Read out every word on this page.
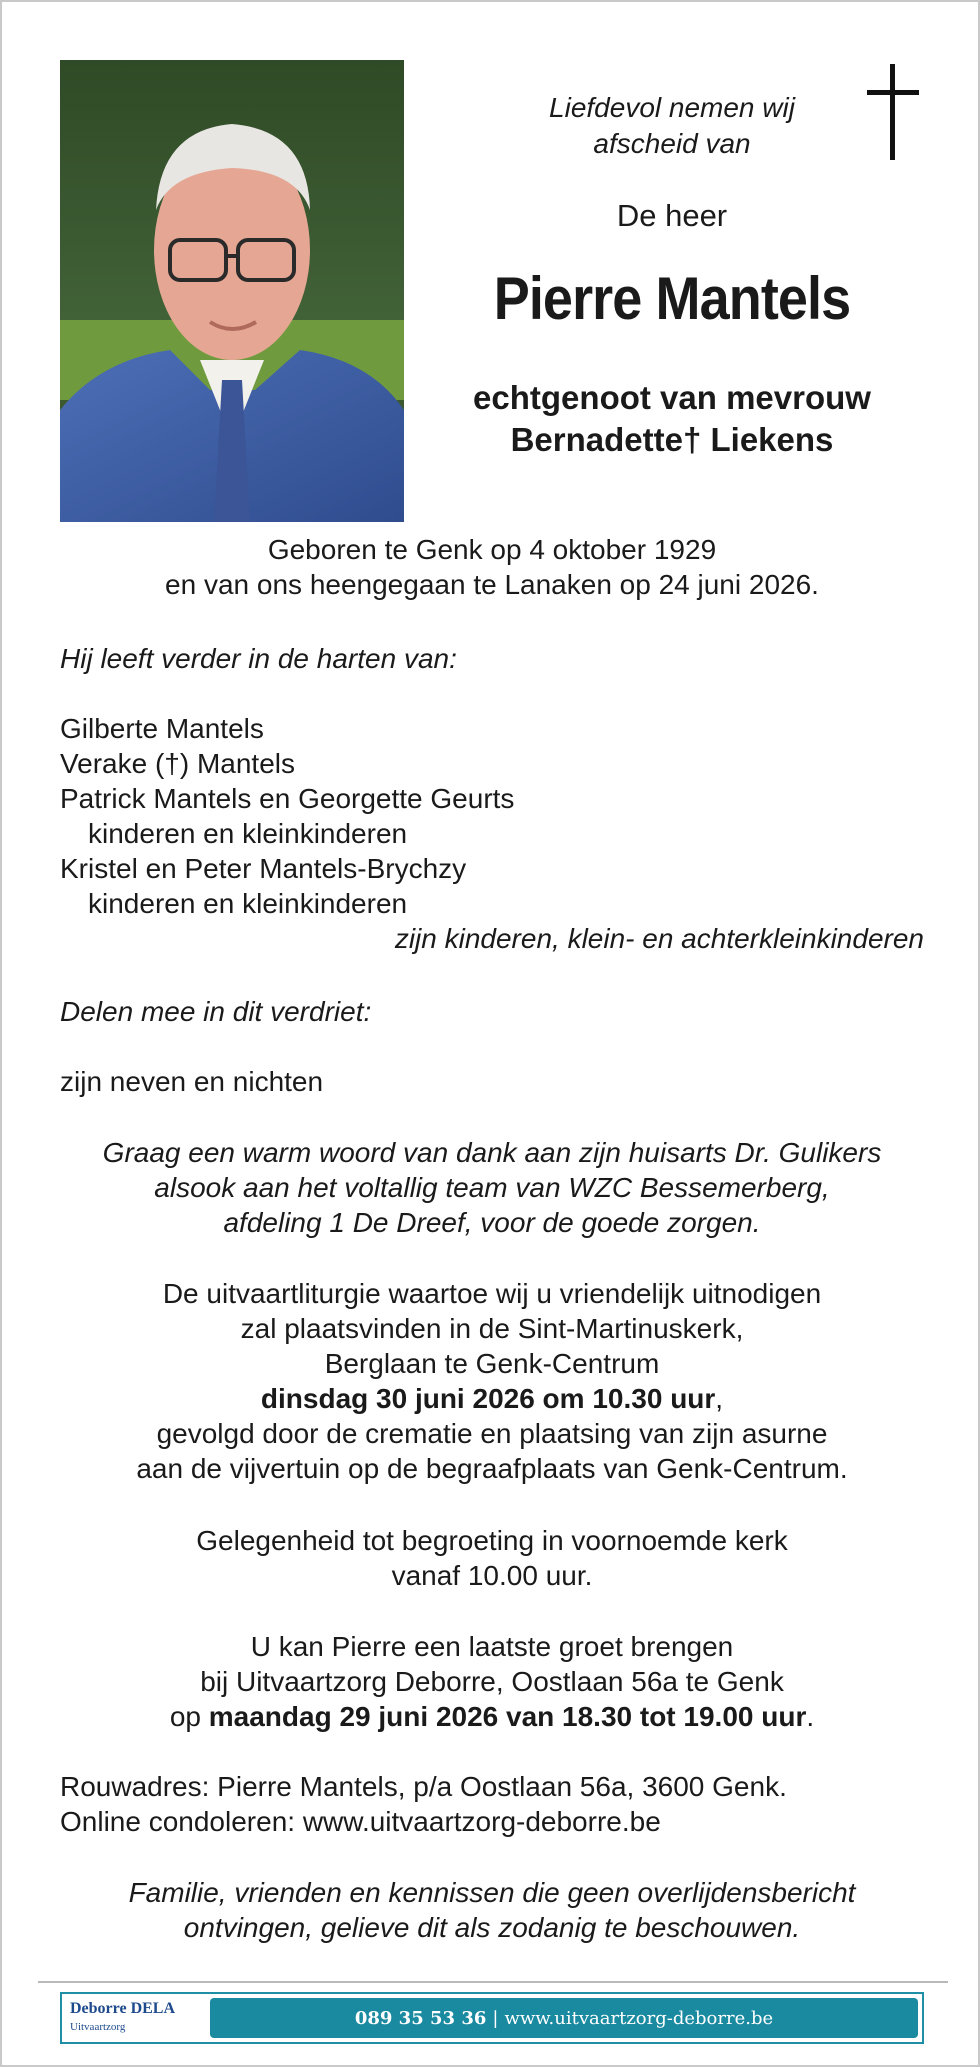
Liefdevol nemen wij
afscheid van
De heer
Pierre Mantels
echtgenoot van mevrouw
Bernadette† Liekens
Geboren te Genk op 4 oktober 1929
en van ons heengegaan te Lanaken op 24 juni 2026.
Hij leeft verder in de harten van:
Gilberte Mantels
Verake (†) Mantels
Patrick Mantels en Georgette Geurts
kinderen en kleinkinderen
Kristel en Peter Mantels-Brychzy
kinderen en kleinkinderen
zijn kinderen, klein- en achterkleinkinderen
Delen mee in dit verdriet:
zijn neven en nichten
Graag een warm woord van dank aan zijn huisarts Dr. Gulikers
alsook aan het voltallig team van WZC Bessemerberg,
afdeling 1 De Dreef, voor de goede zorgen.
De uitvaartliturgie waartoe wij u vriendelijk uitnodigen
zal plaatsvinden in de Sint-Martinuskerk,
Berglaan te Genk-Centrum
dinsdag 30 juni 2026 om 10.30 uur,
gevolgd door de crematie en plaatsing van zijn asurne
aan de vijvertuin op de begraafplaats van Genk-Centrum.
Gelegenheid tot begroeting in voornoemde kerk
vanaf 10.00 uur.
U kan Pierre een laatste groet brengen
bij Uitvaartzorg Deborre, Oostlaan 56a te Genk
op maandag 29 juni 2026 van 18.30 tot 19.00 uur.
Rouwadres: Pierre Mantels, p/a Oostlaan 56a, 3600 Genk.
Online condoleren: www.uitvaartzorg-deborre.be
Familie, vrienden en kennissen die geen overlijdensbericht
ontvingen, gelieve dit als zodanig te beschouwen.
Deborre DELA
Uitvaartzorg	089 35 53 36 | www.uitvaartzorg-deborre.be
